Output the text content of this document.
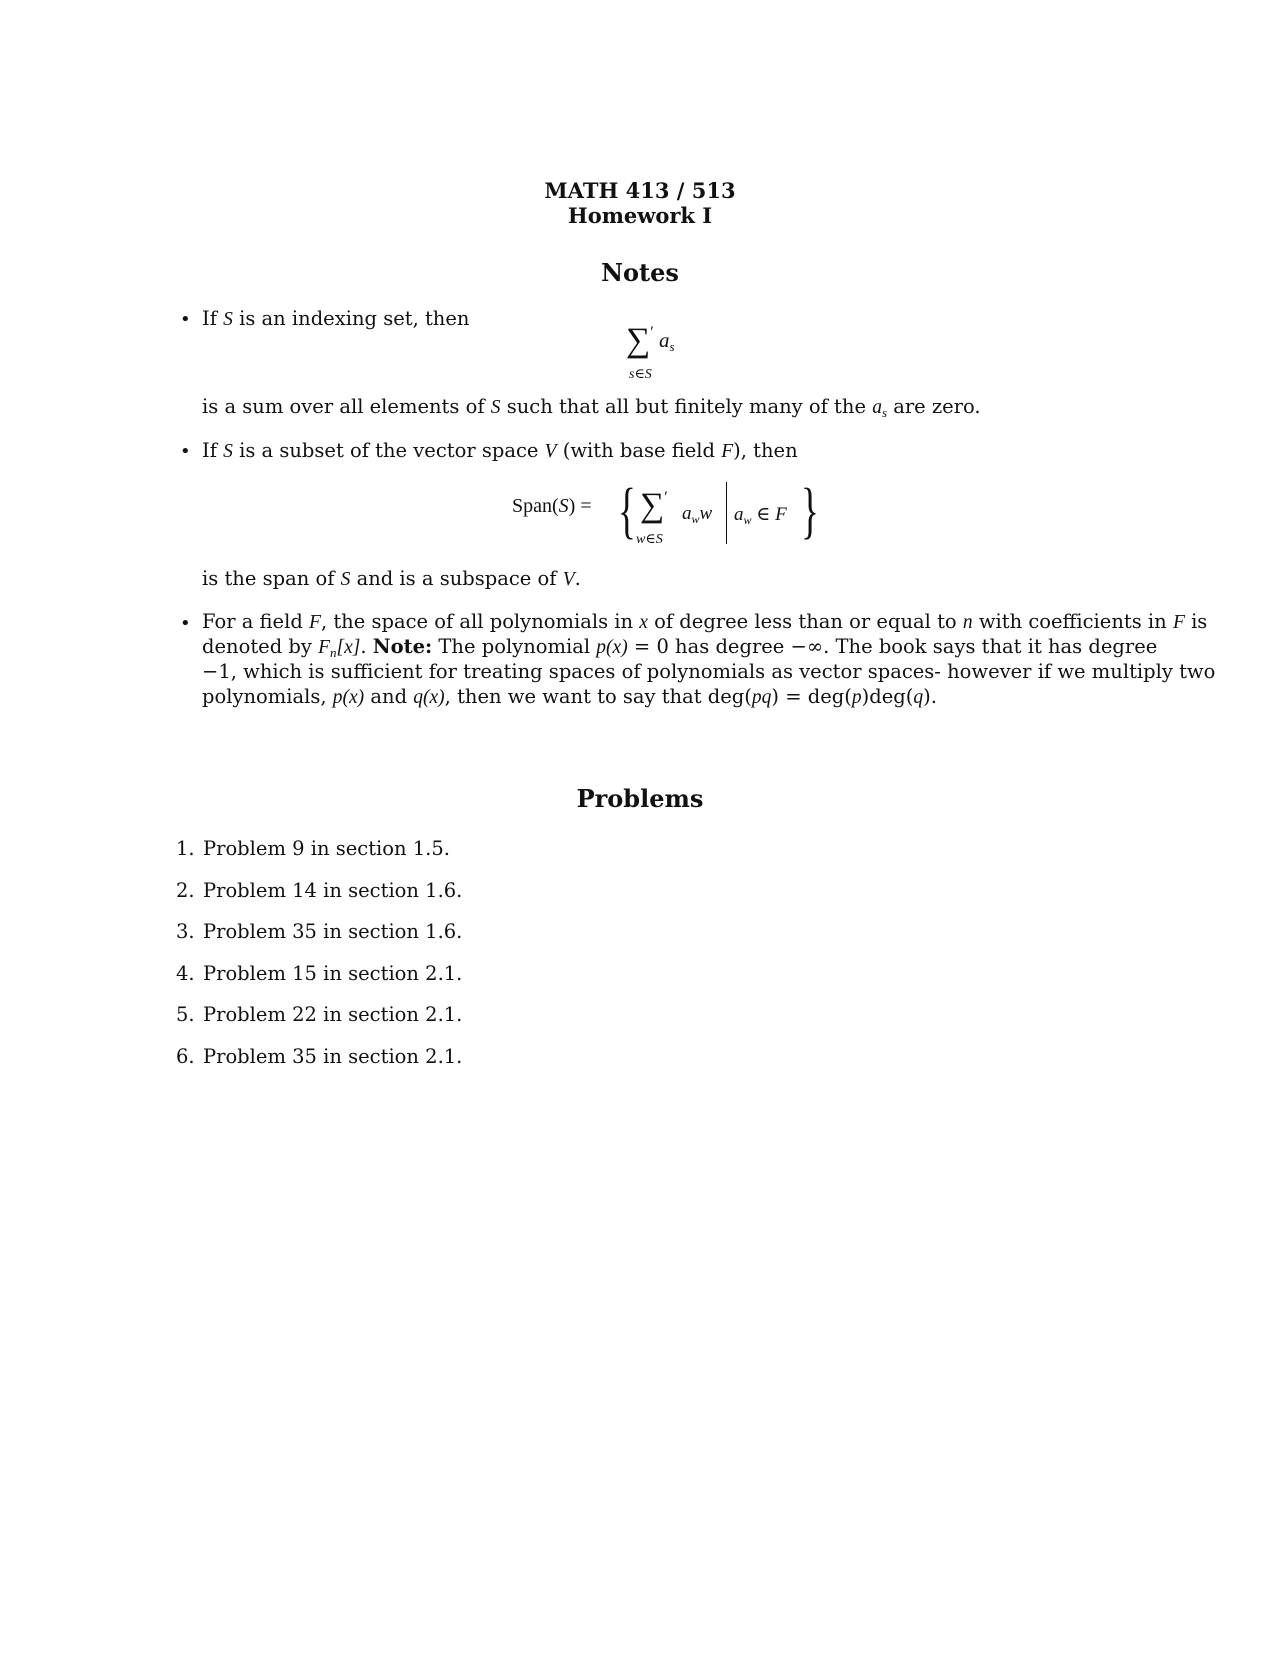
MATH 413 / 513
Homework I
Notes
• If S is an indexing set, then
∑′ as
s∈S
is a sum over all elements of S such that all but finitely many of the $a_s$ are zero.
• If S is a subset of the vector space V (with base field F), then
Span(S) = { ∑′
w∈S
$a_ww$ $a_w$ ∈ F }
is the span of S and is a subspace of V.
• For a field F, the space of all polynomials in x of degree less than or equal to n with coefficients in F is
denoted by $F_n[x]$. Note: The polynomial p(x) = 0 has degree −∞. The book says that it has degree
−1, which is sufficient for treating spaces of polynomials as vector spaces- however if we multiply two
polynomials, p(x) and q(x), then we want to say that deg(pq) = deg(p)deg(q).
Problems
1. Problem 9 in section 1.5.
2. Problem 14 in section 1.6.
3. Problem 35 in section 1.6.
4. Problem 15 in section 2.1.
5. Problem 22 in section 2.1.
6. Problem 35 in section 2.1.
